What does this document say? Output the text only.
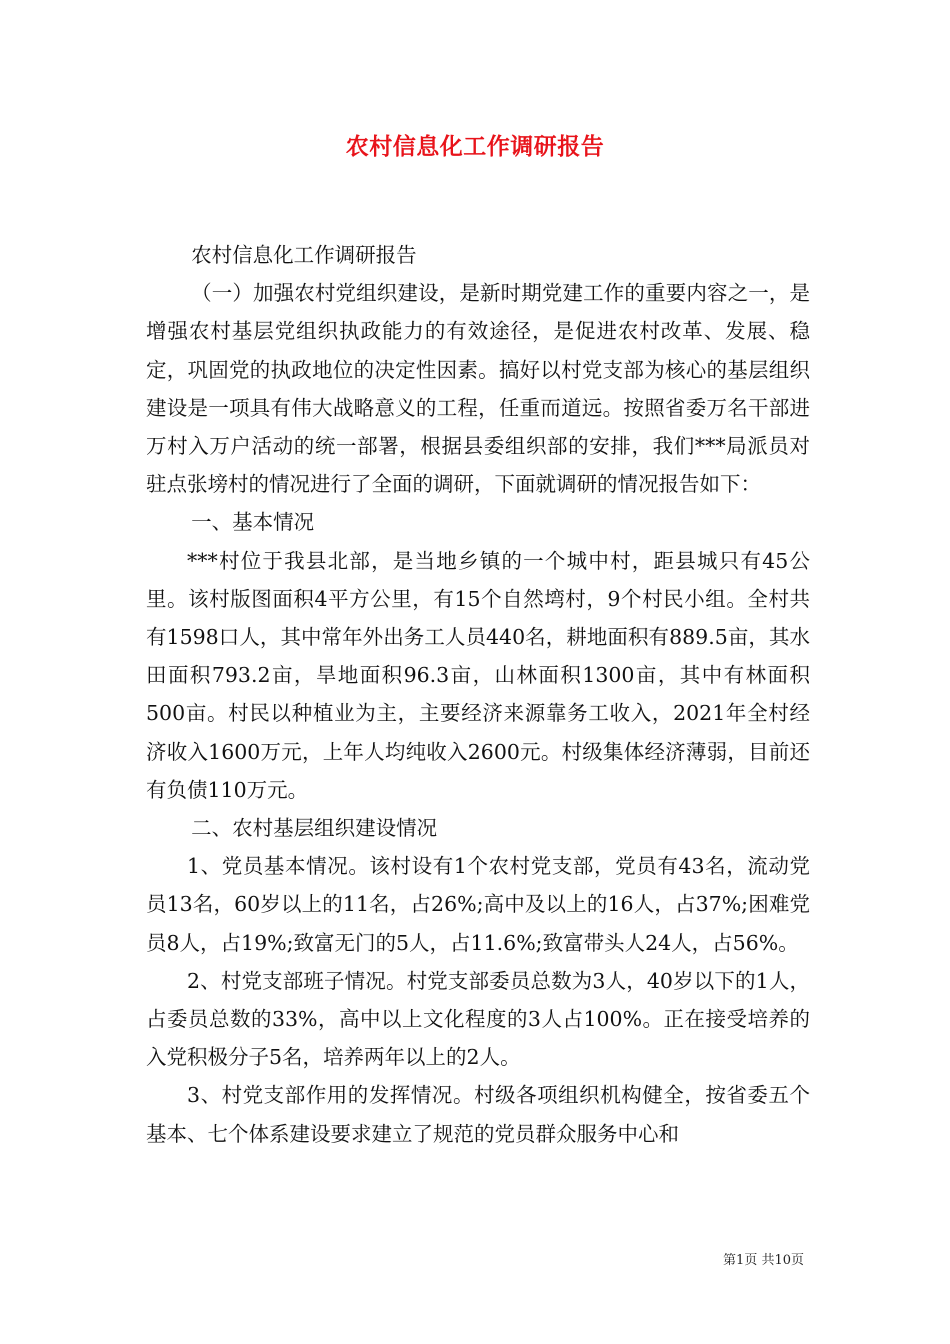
农村信息化工作调研报告

农村信息化工作调研报告

（一）加强农村党组织建设，是新时期党建工作的重要内容之一，是增强农村基层党组织执政能力的有效途径，是促进农村改革、发展、稳定，巩固党的执政地位的决定性因素。搞好以村党支部为核心的基层组织建设是一项具有伟大战略意义的工程，任重而道远。按照省委万名干部进万村入万户活动的统一部署，根据县委组织部的安排，我们***局派员对驻点张塝村的情况进行了全面的调研，下面就调研的情况报告如下：

一、基本情况

***村位于我县北部，是当地乡镇的一个城中村，距县城只有45公里。该村版图面积4平方公里，有15个自然塆村，9个村民小组。全村共有1598口人，其中常年外出务工人员440名，耕地面积有889.5亩，其水田面积793.2亩，旱地面积96.3亩，山林面积1300亩，其中有林面积500亩。村民以种植业为主，主要经济来源靠务工收入，2021年全村经济收入1600万元，上年人均纯收入2600元。村级集体经济薄弱，目前还有负债110万元。

二、农村基层组织建设情况

1、党员基本情况。该村设有1个农村党支部，党员有43名，流动党员13名，60岁以上的11名，占26%;高中及以上的16人，占37%;困难党员8人，占19%;致富无门的5人，占11.6%;致富带头人24人，占56%。

2、村党支部班子情况。村党支部委员总数为3人，40岁以下的1人，占委员总数的33%，高中以上文化程度的3人占100%。正在接受培养的入党积极分子5名，培养两年以上的2人。

3、村党支部作用的发挥情况。村级各项组织机构健全，按省委五个基本、七个体系建设要求建立了规范的党员群众服务中心和

第1页 共10页
